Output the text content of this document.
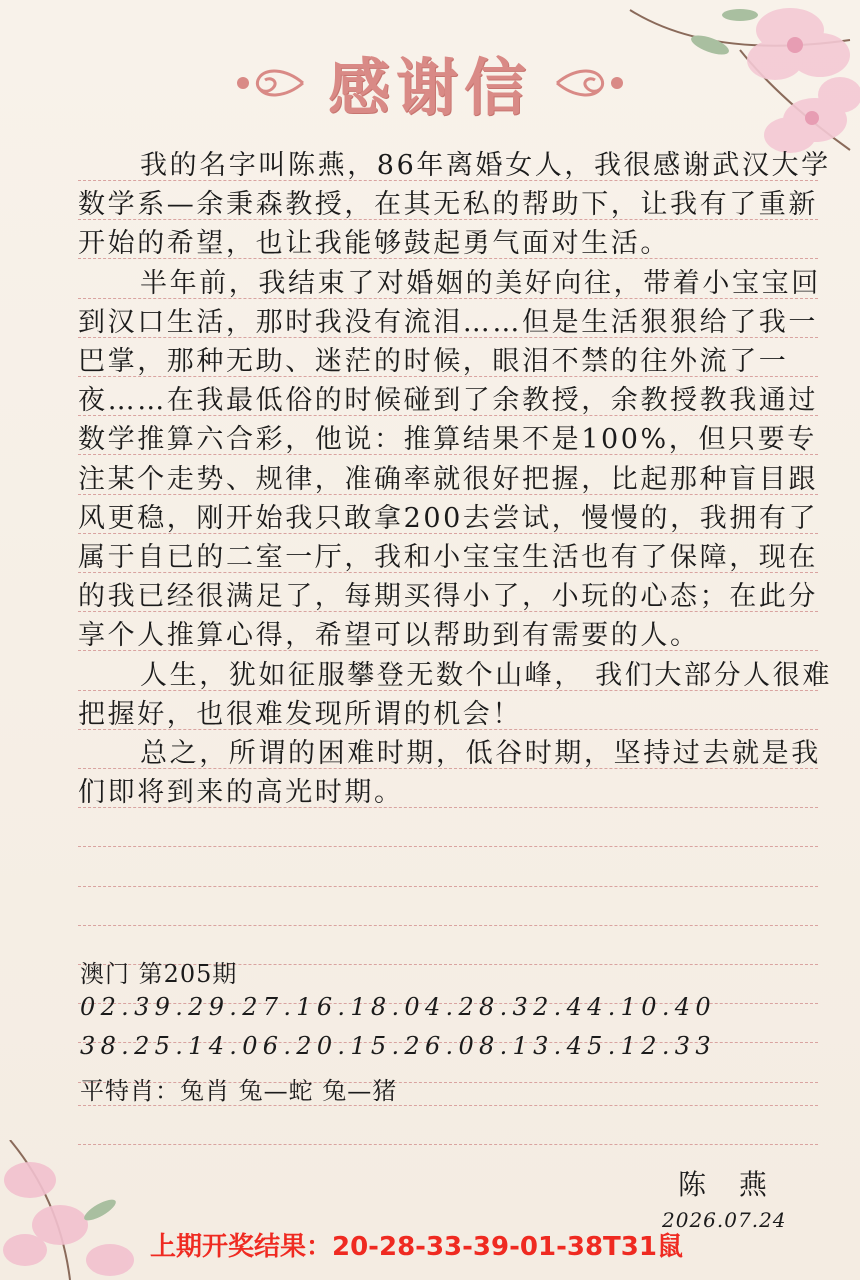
感谢信

我的名字叫陈燕，86年离婚女人，我很感谢武汉大学数学系—余秉森教授，在其无私的帮助下，让我有了重新开始的希望，也让我能够鼓起勇气面对生活。

半年前，我结束了对婚姻的美好向往，带着小宝宝回到汉口生活，那时我没有流泪……但是生活狠狠给了我一巴掌，那种无助、迷茫的时候，眼泪不禁的往外流了一夜……在我最低俗的时候碰到了余教授，余教授教我通过数学推算六合彩，他说：推算结果不是100%，但只要专注某个走势、规律，准确率就很好把握，比起那种盲目跟风更稳，刚开始我只敢拿200去尝试，慢慢的，我拥有了属于自已的二室一厅，我和小宝宝生活也有了保障，现在的我已经很满足了，每期买得小了，小玩的心态；在此分享个人推算心得，希望可以帮助到有需要的人。

人生，犹如征服攀登无数个山峰， 我们大部分人很难把握好，也很难发现所谓的机会！

总之，所谓的困难时期，低谷时期，坚持过去就是我们即将到来的高光时期。

澳门 第205期
02.39.29.27.16.18.04.28.32.44.10.40
38.25.14.06.20.15.26.08.13.45.12.33
平特肖：兔肖 兔—蛇 兔—猪
陈 燕
2026.07.24
上期开奖结果：20-28-33-39-01-38T31鼠
